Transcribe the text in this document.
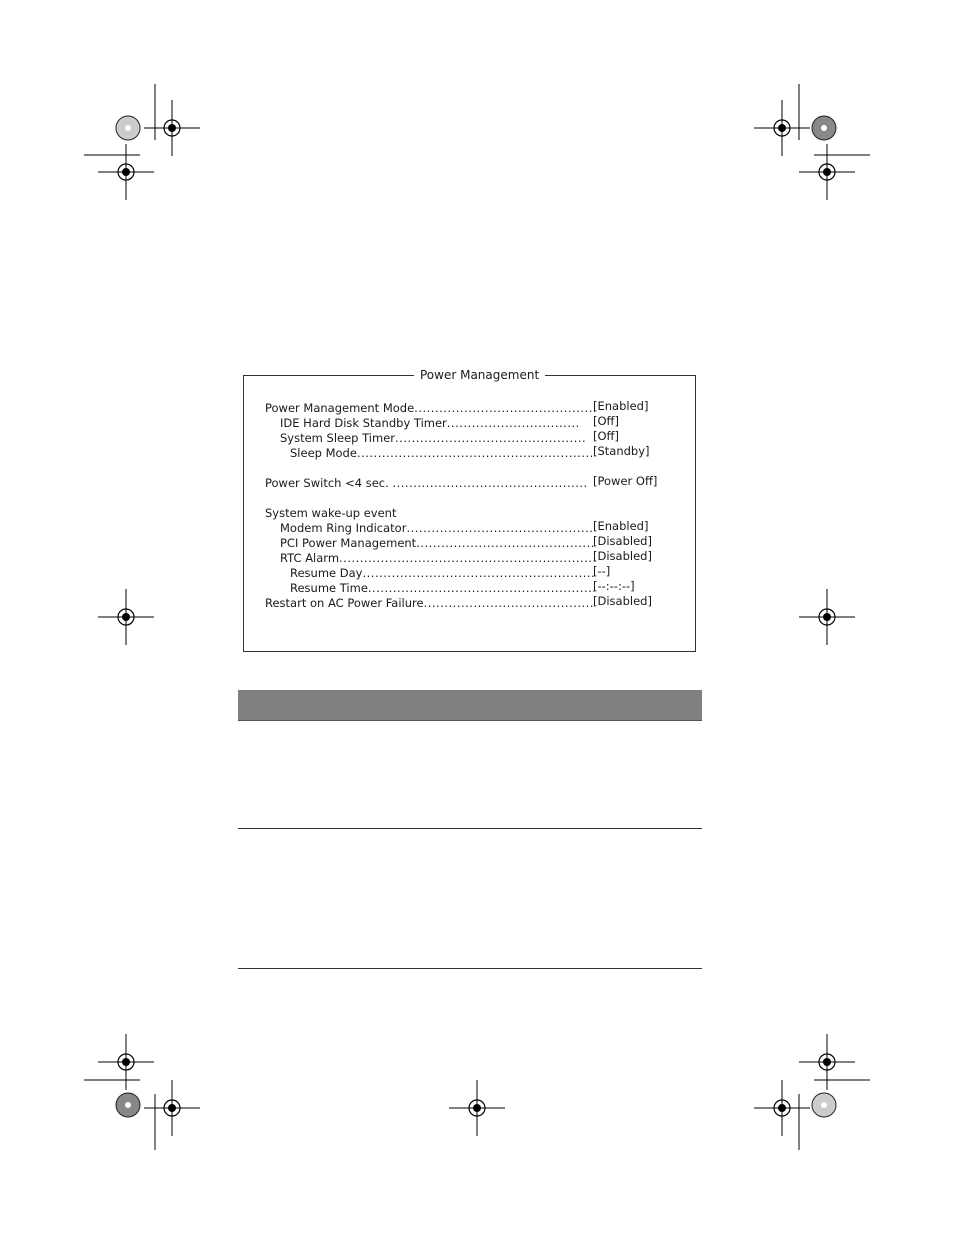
Power Management
Power Management Mode .....	[Enabled]
IDE Hard Disk Standby Timer .....	[Off]
System Sleep Timer .....	[Off]
Sleep Mode .....	[Standby]
Power Switch <4 sec. .....	[Power Off]
System wake-up event
Modem Ring Indicator .....	[Enabled]
PCI Power Management .....	[Disabled]
RTC Alarm .....	[Disabled]
Resume Day .....	[--]
Resume Time .....	[--:--:--]
Restart on AC Power Failure .....	[Disabled]
